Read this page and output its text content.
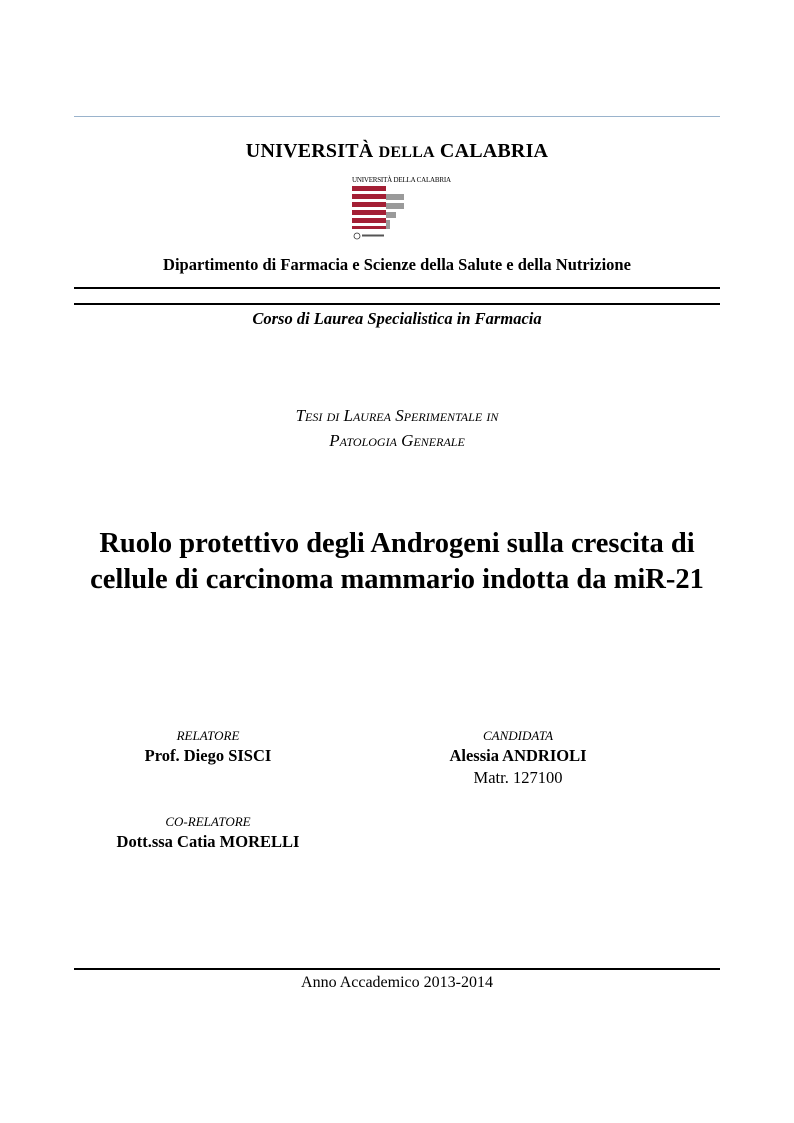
UNIVERSITÀ DELLA CALABRIA
UNIVERSITÀ DELLA CALABRIA
Dipartimento di Farmacia e Scienze della Salute e della Nutrizione
Corso di Laurea Specialistica in Farmacia
Tesi di Laurea Sperimentale in
Patologia Generale
Ruolo protettivo degli Androgeni sulla crescita di
cellule di carcinoma mammario indotta da miR-21
RELATORE
Prof. Diego SISCI
CANDIDATA
Alessia ANDRIOLI
Matr. 127100
CO-RELATORE
Dott.ssa Catia MORELLI
Anno Accademico 2013-2014
